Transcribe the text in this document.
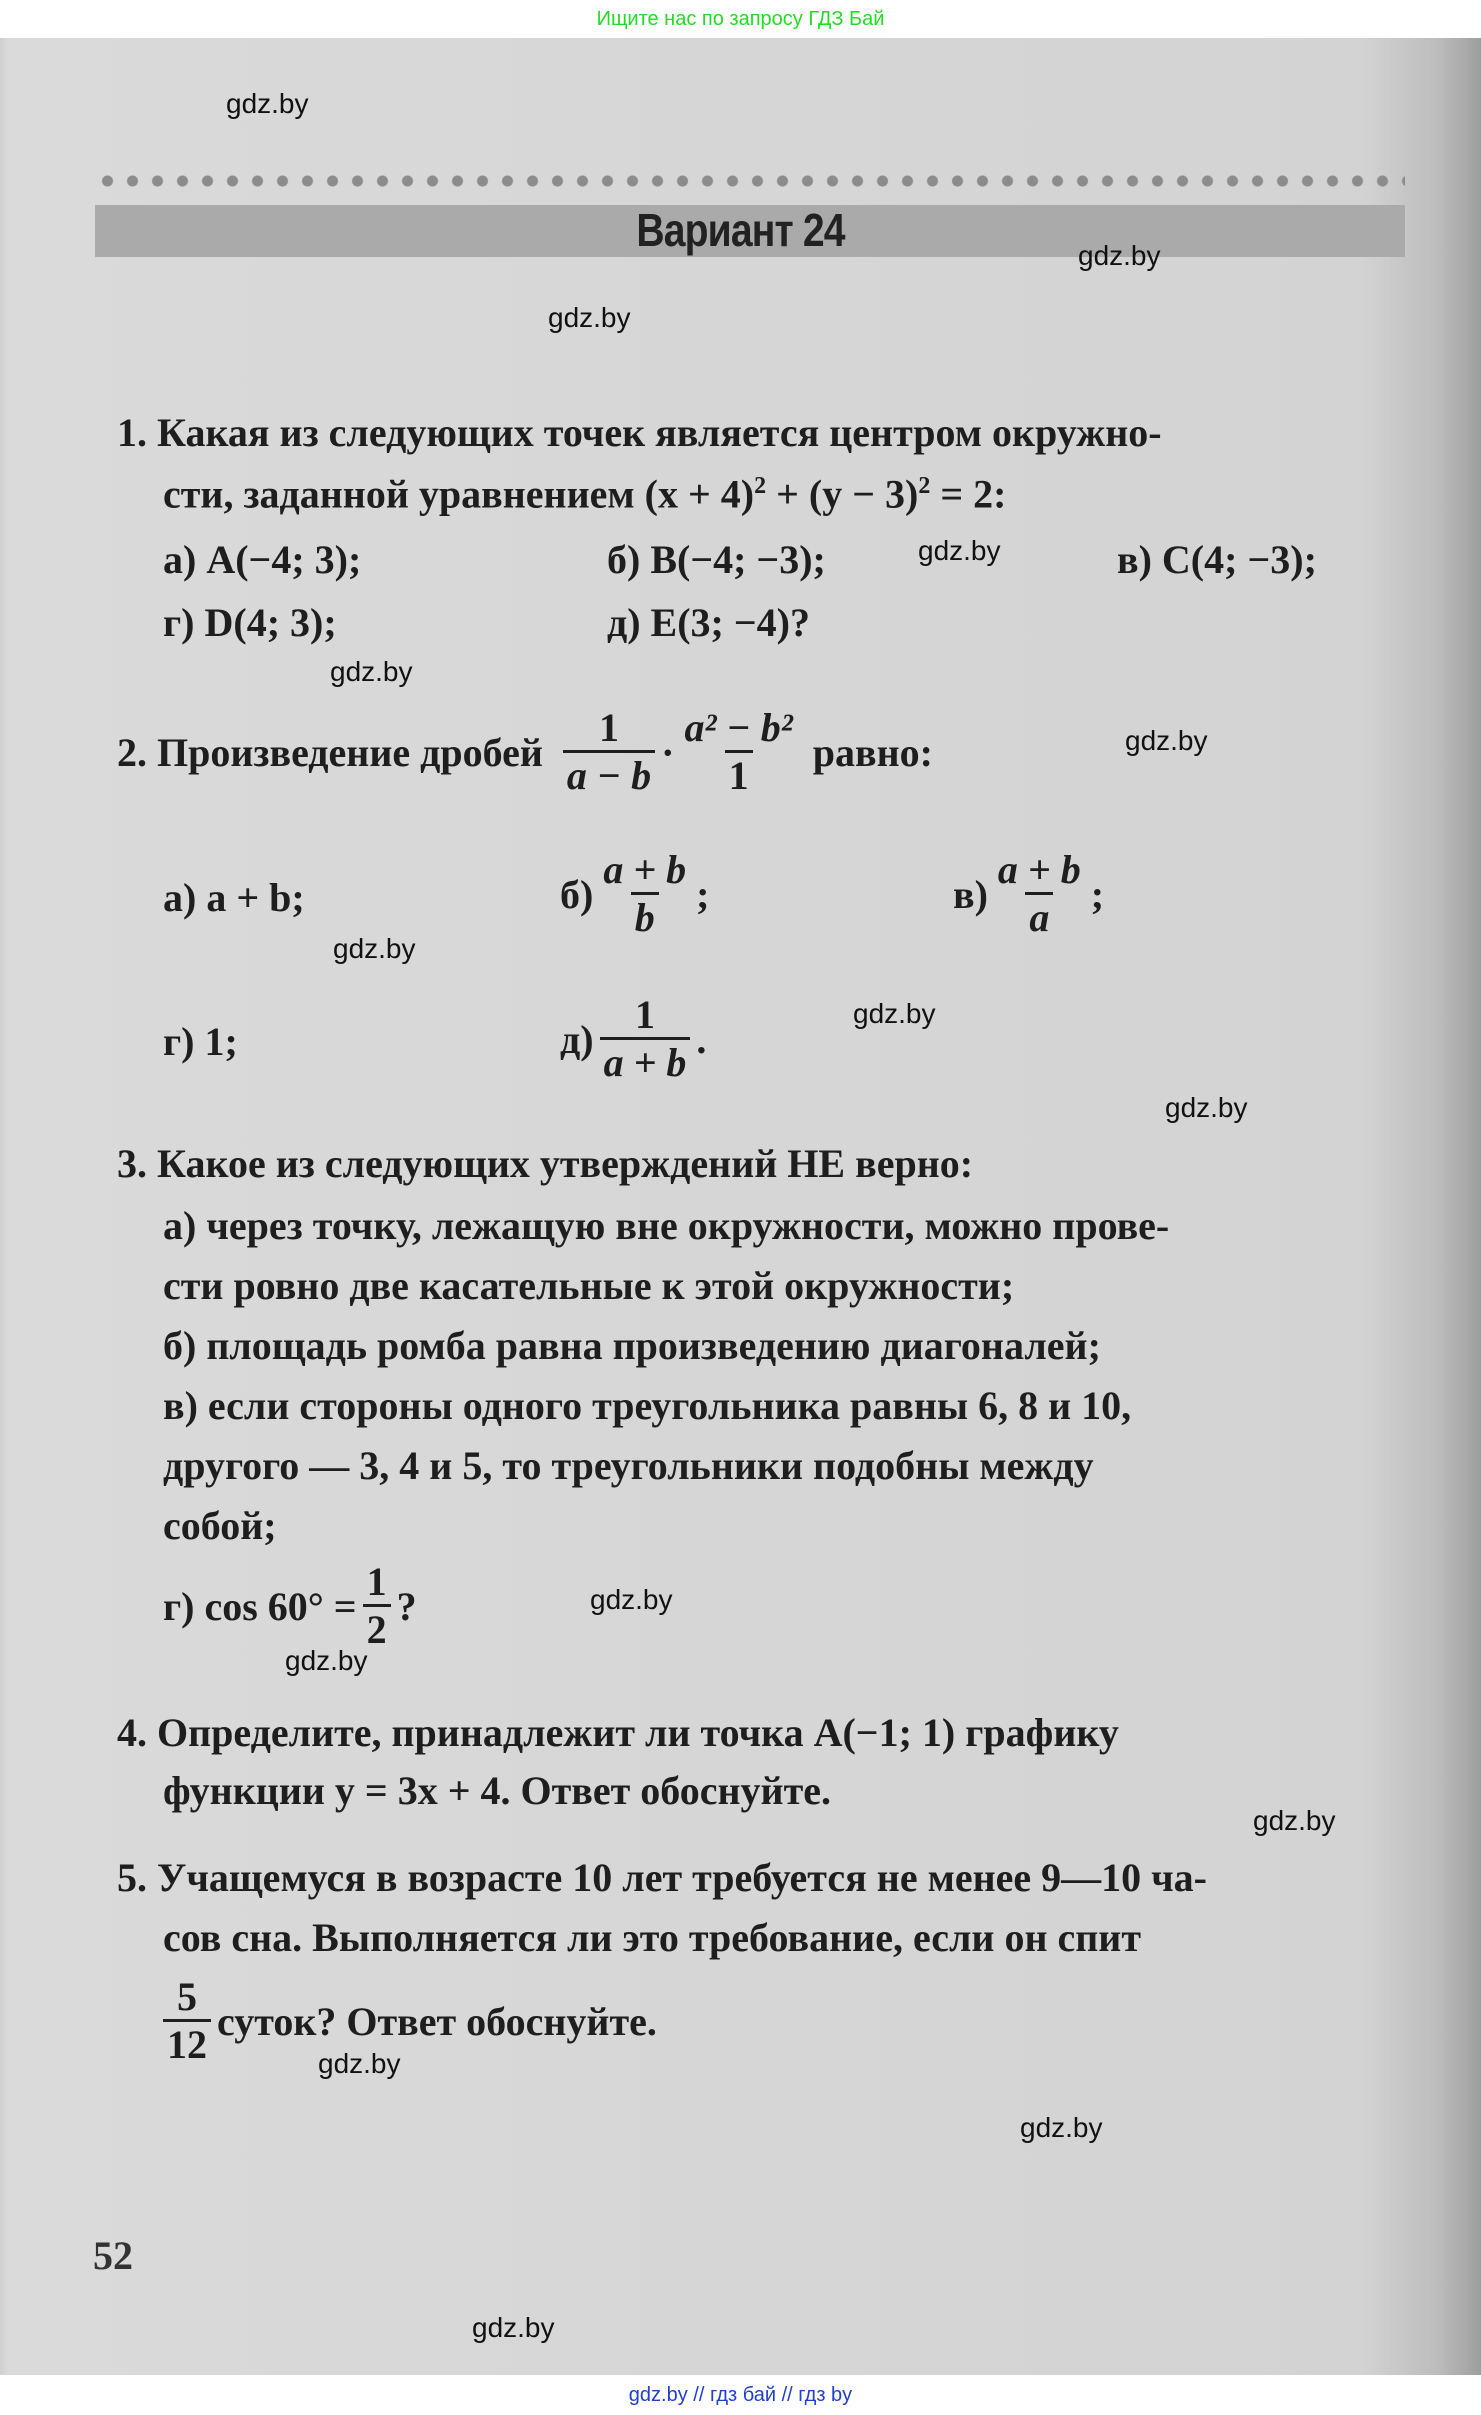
Ищите нас по запросу ГДЗ Бай
Вариант 24
1. Какая из следующих точек является центром окружно-
сти, заданной уравнением $(x + 4)^2 + (y - 3)^2 = 2$:
а) A(−4; 3);	б) B(−4; −3);	в) C(4; −3);
г) D(4; 3);	д) E(3; −4)?
2.
Произведение дробей $\frac{1}{a - b} \cdot \frac{\text{a² − b²}}{1}$ равно:
а) a + b;	$б) \frac{a + b}{b}$ ;	$в) \frac{a + b}{a}$ ;
г) 1;	$д) \frac{1}{a + b}$ .
3. Какое из следующих утверждений НЕ верно:
а) через точку, лежащую вне окружности, можно прове-
сти ровно две касательные к этой окружности;
б) площадь ромба равна произведению диагоналей;
в) если стороны одного треугольника равны 6, 8 и 10,
другого — 3, 4 и 5, то треугольники подобны между
собой;
г) $\cos 60^\circ = \frac{1}{2}$ ?
4. Определите, принадлежит ли точка A(−1; 1) графику
функции y = 3x + 4. Ответ обоснуйте.
5. Учащемуся в возрасте 10 лет требуется не менее 9—10 ча-
сов сна. Выполняется ли это требование, если он спит
$\frac{5}{12}$ суток? Ответ обоснуйте.
52
gdz.by
gdz.by
gdz.by
gdz.by
gdz.by
gdz.by
gdz.by
gdz.by
gdz.by
gdz.by
gdz.by
gdz.by
gdz.by
gdz.by
gdz.by
gdz.by // гдз бай // гдз by
